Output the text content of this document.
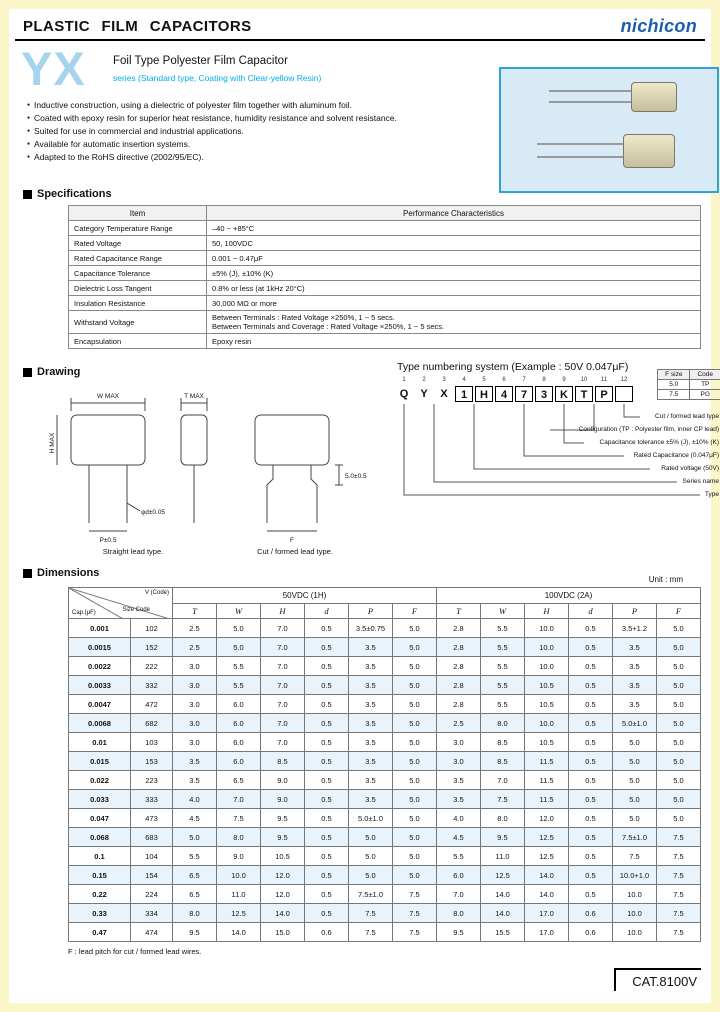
PLASTIC FILM CAPACITORS	nichicon
YX Foil Type Polyester Film Capacitor
series (Standard type, Coating with Clear-yellow Resin)
● Inductive construction, using a dielectric of polyester film together with aluminum foil.
● Coated with epoxy resin for superior heat resistance, humidity resistance and solvent resistance.
● Suited for use in commercial and industrial applications.
● Available for automatic insertion systems.
● Adapted to the RoHS directive (2002/95/EC).
Specifications
Item	Performance Characteristics
Category Temperature Range	–40 ~ +85°C

Rated Voltage	50, 100VDC

Rated Capacitance Range	0.001 ~ 0.47μF

Capacitance Tolerance	±5% (J), ±10% (K)

Dielectric Loss Tangent	0.8% or less (at 1kHz 20°C)

Insulation Resistance	30,000 MΩ or more

Withstand Voltage	Between Terminals : Rated Voltage ×250%, 1 ~ 5 secs.
Between Terminals and Coverage : Rated Voltage ×250%, 1 ~ 5 secs.

Encapsulation	Epoxy resin
Drawing
W MAX
H MAX
P±0.5
φd±0.05
T MAX
Straight lead type.
F
5.0±0.5
Cut / formed lead type.
Type numbering system (Example : 50V 0.047μF)
1	2	3	4	5	6	7	8	9	10	11	12
Q	Y	X	1	H	4	7	3	K	T	P
F size	Code
5.0	TP
7.5	PG
Cut / formed lead type
Configuration (TP : Polyester film, inner CP lead)
Capacitance tolerance ±5% (J), ±10% (K)
Rated Capacitance (0.047μF)
Rated voltage (50V)
Series name
Type
Dimensions
Unit : mm
V (Code)
Size Code
Cap.(μF)		50VDC (1H)						100VDC (2A)					
		T	W	H	d	P	F	T	W	H	d	P	F
0.001	102	2.5	5.0	7.0	0.5	3.5±0.75	5.0	2.8	5.5	10.0	0.5	3.5+1.2	5.0
0.0015	152	2.5	5.0	7.0	0.5	3.5	5.0	2.8	5.5	10.0	0.5	3.5	5.0
0.0022	222	3.0	5.5	7.0	0.5	3.5	5.0	2.8	5.5	10.0	0.5	3.5	5.0
0.0033	332	3.0	5.5	7.0	0.5	3.5	5.0	2.8	5.5	10.5	0.5	3.5	5.0
0.0047	472	3.0	6.0	7.0	0.5	3.5	5.0	2.8	5.5	10.5	0.5	3.5	5.0
0.0068	682	3.0	6.0	7.0	0.5	3.5	5.0	2.5	8.0	10.0	0.5	5.0±1.0	5.0
0.01	103	3.0	6.0	7.0	0.5	3.5	5.0	3.0	8.5	10.5	0.5	5.0	5.0
0.015	153	3.5	6.0	8.5	0.5	3.5	5.0	3.0	8.5	11.5	0.5	5.0	5.0
0.022	223	3.5	6.5	9.0	0.5	3.5	5.0	3.5	7.0	11.5	0.5	5.0	5.0
0.033	333	4.0	7.0	9.0	0.5	3.5	5.0	3.5	7.5	11.5	0.5	5.0	5.0
0.047	473	4.5	7.5	9.5	0.5	5.0±1.0	5.0	4.0	8.0	12.0	0.5	5.0	5.0
0.068	683	5.0	8.0	9.5	0.5	5.0	5.0	4.5	9.5	12.5	0.5	7.5±1.0	7.5
0.1	104	5.5	9.0	10.5	0.5	5.0	5.0	5.5	11.0	12.5	0.5	7.5	7.5
0.15	154	6.5	10.0	12.0	0.5	5.0	5.0	6.0	12.5	14.0	0.5	10.0+1.0	7.5
0.22	224	6.5	11.0	12.0	0.5	7.5±1.0	7.5	7.0	14.0	14.0	0.5	10.0	7.5
0.33	334	8.0	12.5	14.0	0.5	7.5	7.5	8.0	14.0	17.0	0.6	10.0	7.5
0.47	474	9.5	14.0	15.0	0.6	7.5	7.5	9.5	15.5	17.0	0.6	10.0	7.5
F : lead pitch for cut / formed lead wires.
CAT.8100V
